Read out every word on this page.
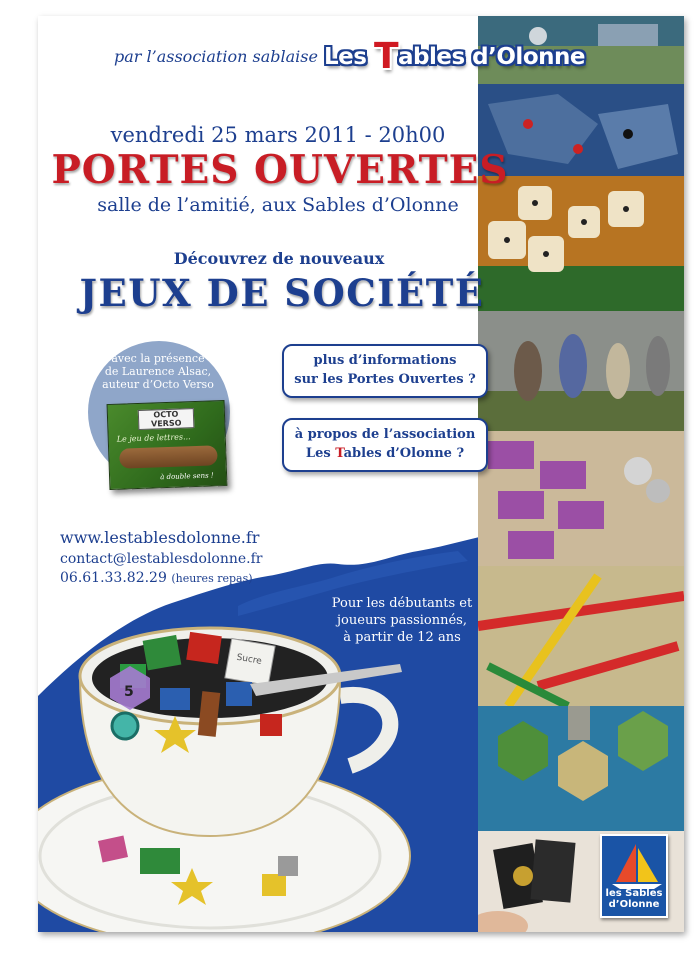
par l’association sablaise Les Tables d’Olonne
vendredi 25 mars 2011 - 20h00
PORTES OUVERTES
salle de l’amitié, aux Sables d’Olonne
Découvrez de nouveaux
JEUX DE SOCIÉTÉ
avec la présence
de Laurence Alsac,
auteur d’Octo Verso
OCTO
VERSO
Le jeu de lettres...
à double sens !
plus d’informations
sur les Portes Ouvertes ?
à propos de l’association
Les Tables d’Olonne ?
www.lestablesdolonne.fr
contact@lestablesdolonne.fr
06.61.33.82.29 (heures repas)
Pour les débutants et
joueurs passionnés,
à partir de 12 ans
Sucre
5
les Sables
d’Olonne
